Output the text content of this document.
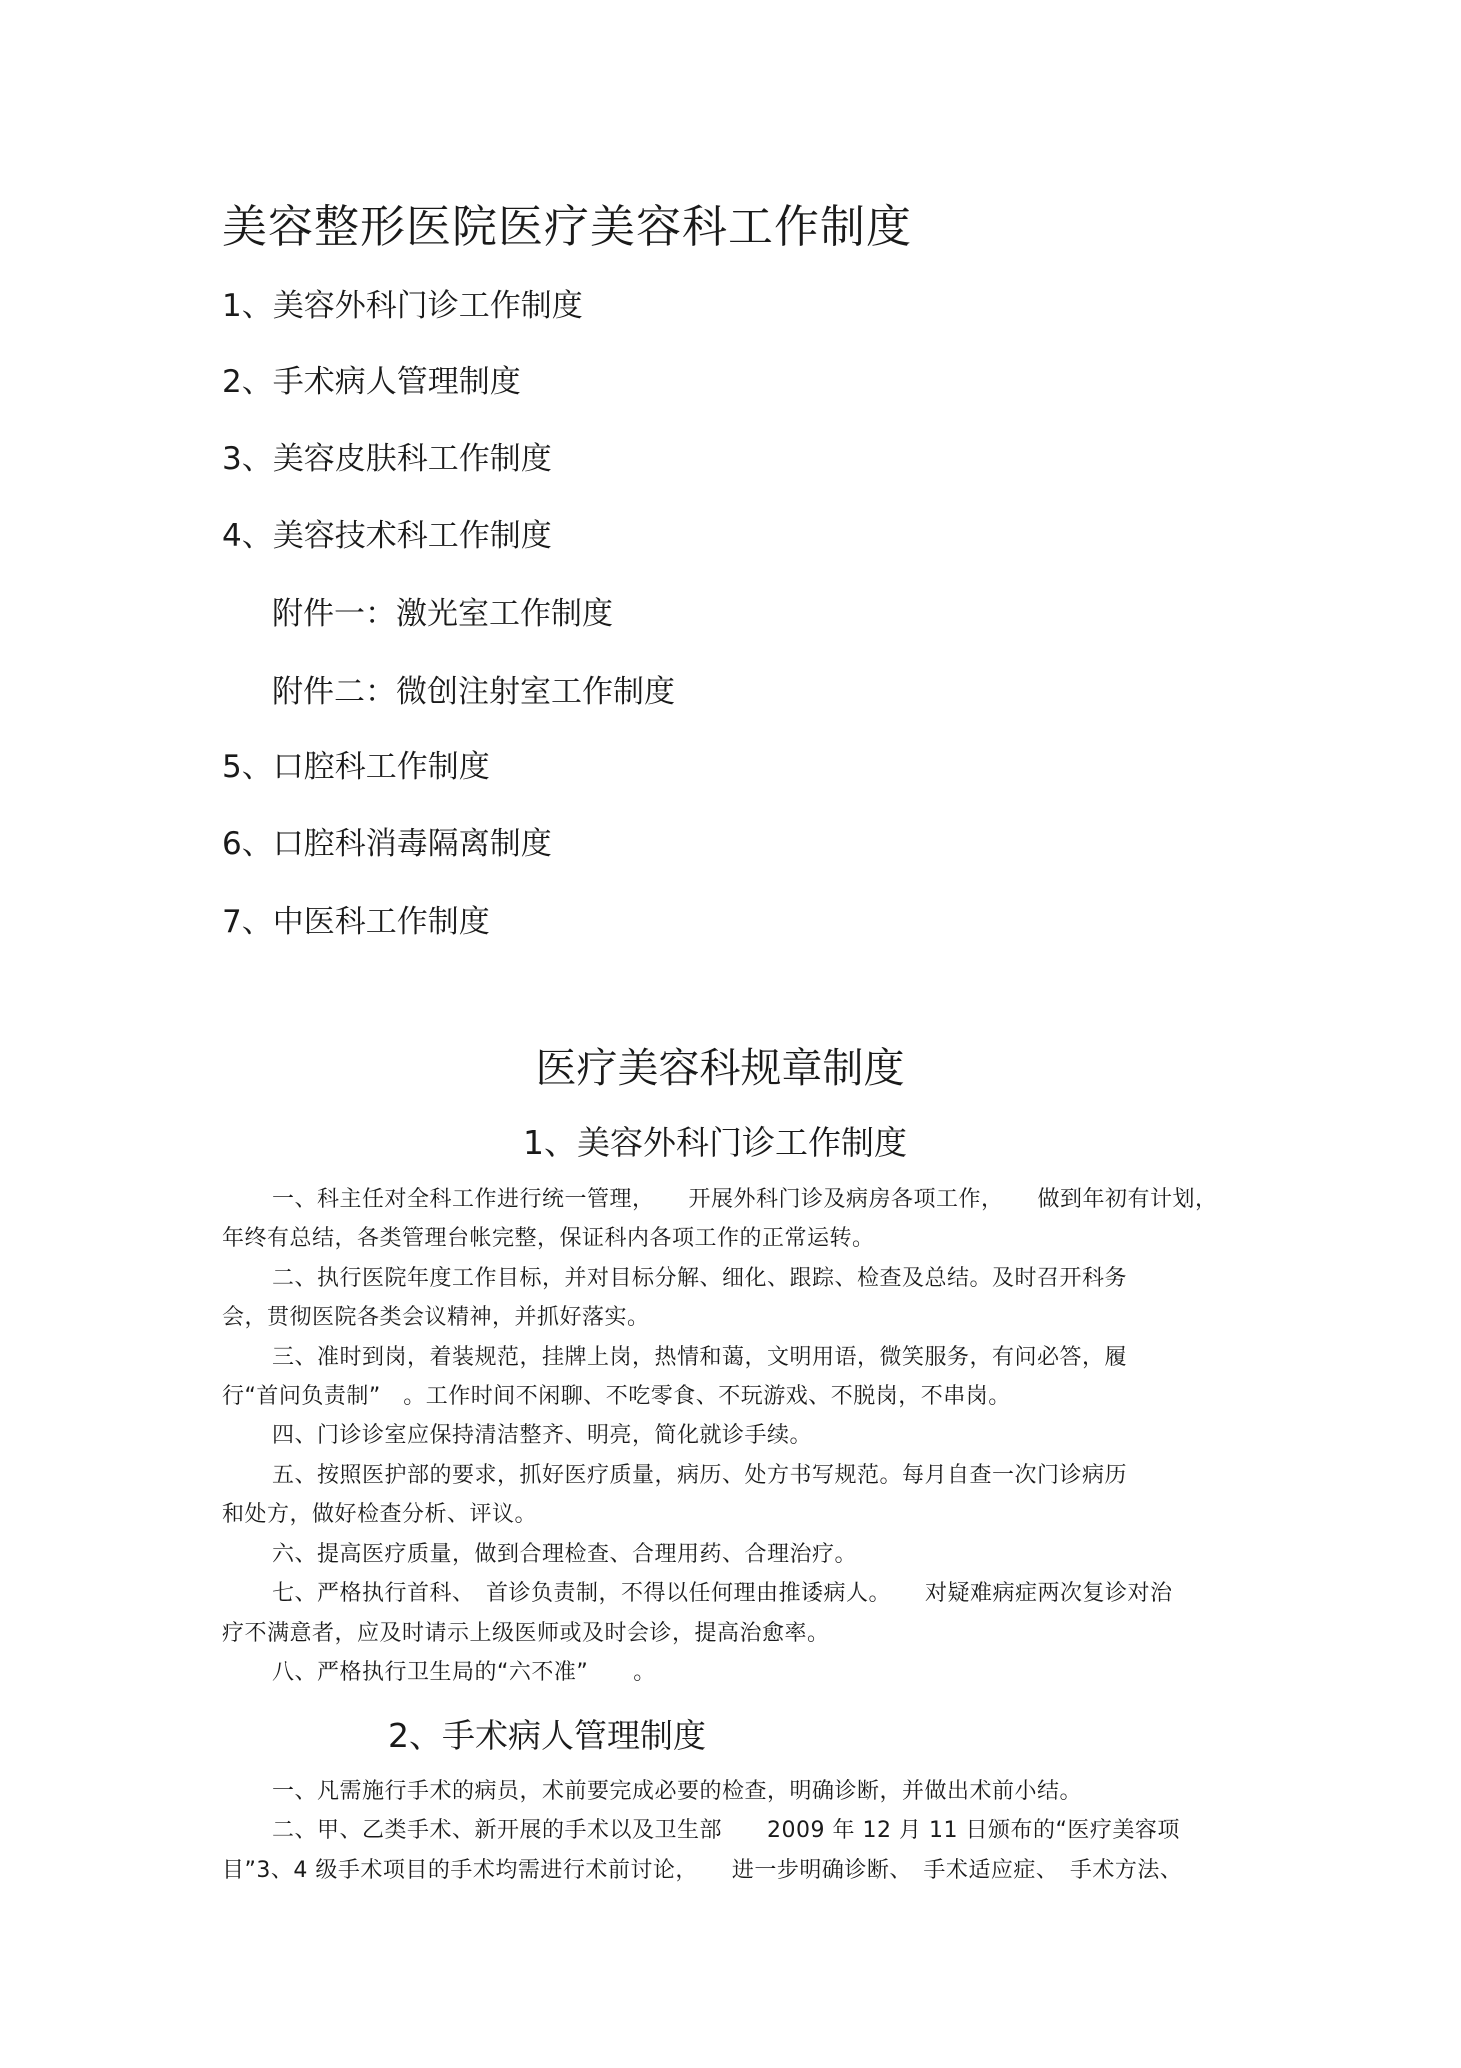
美容整形医院医疗美容科工作制度
1、美容外科门诊工作制度
2、手术病人管理制度
3、美容皮肤科工作制度
4、美容技术科工作制度
附件一：激光室工作制度
附件二：微创注射室工作制度
5、口腔科工作制度
6、口腔科消毒隔离制度
7、中医科工作制度
医疗美容科规章制度
1、美容外科门诊工作制度
一、科主任对全科工作进行统一管理，　　开展外科门诊及病房各项工作，　　做到年初有计划，
年终有总结，各类管理台帐完整，保证科内各项工作的正常运转。
二、执行医院年度工作目标，并对目标分解、细化、跟踪、检查及总结。及时召开科务
会，贯彻医院各类会议精神，并抓好落实。
三、准时到岗，着装规范，挂牌上岗，热情和蔼，文明用语，微笑服务，有问必答，履
行“首问负责制”　。工作时间不闲聊、不吃零食、不玩游戏、不脱岗，不串岗。
四、门诊诊室应保持清洁整齐、明亮，简化就诊手续。
五、按照医护部的要求，抓好医疗质量，病历、处方书写规范。每月自查一次门诊病历
和处方，做好检查分析、评议。
六、提高医疗质量，做到合理检查、合理用药、合理治疗。
七、严格执行首科、　首诊负责制，不得以任何理由推诿病人。　　对疑难病症两次复诊对治
疗不满意者，应及时请示上级医师或及时会诊，提高治愈率。
八、严格执行卫生局的“六不准”　　。
2、手术病人管理制度
一、凡需施行手术的病员，术前要完成必要的检查，明确诊断，并做出术前小结。
二、甲、乙类手术、新开展的手术以及卫生部　　2009 年 12 月 11 日颁布的“医疗美容项
目”3、4 级手术项目的手术均需进行术前讨论，　　进一步明确诊断、　手术适应症、　手术方法、
